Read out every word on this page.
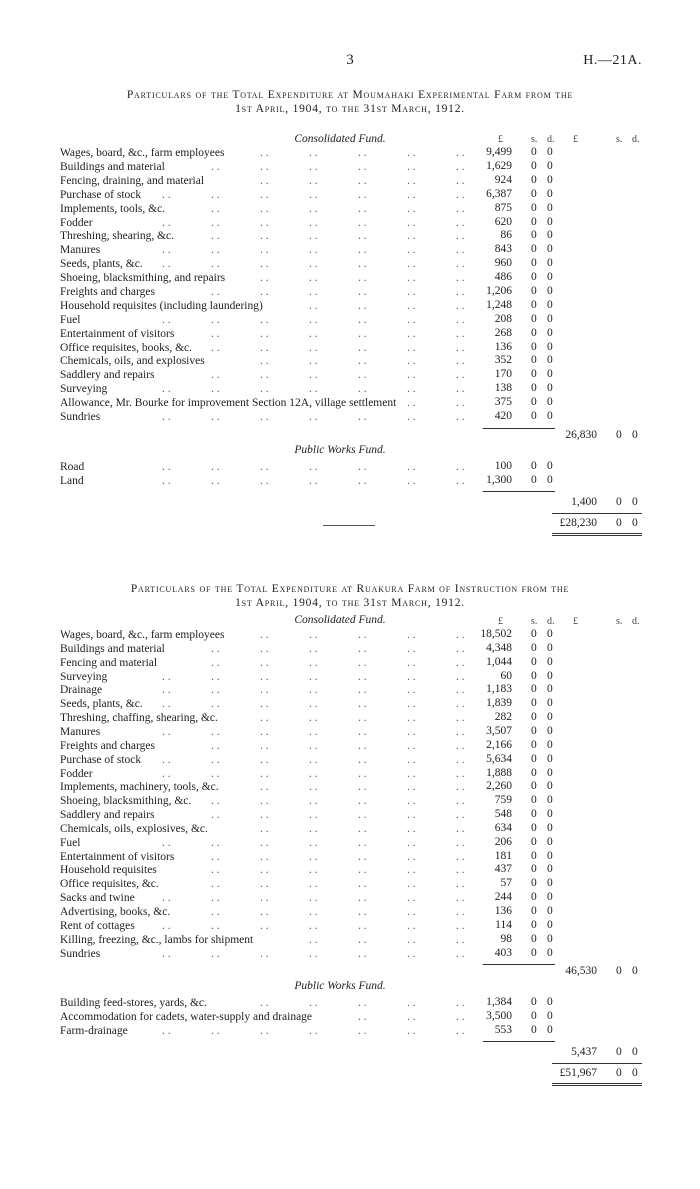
3	H.—21A.
Particulars of the Total Expenditure at Moumahaki Experimental Farm from the
1st April, 1904, to the 31st March, 1912.
Consolidated Fund.	£	s. d. £	s. d.
Wages, board, &c., farm employees	. .	. .	. .	. .	. . 9,499 0 0
Buildings and material	. .	. .	. .	. .	. .	. . 1,629 0 0
Fencing, draining, and material	. .	. .	. .	. .	. .	924 0 0
Purchase of stock . .	. .	. .	. .	. .	. .	. . 6,387 0 0
Implements, tools, &c.	. .	. .	. .	. .	. .	. .	875 0 0
Fodder	. .	. .	. .	. .	. .	. .	. .	620 0 0
Threshing, shearing, &c.	. .	. .	. .	. .	. .	. .	86 0 0
Manures	. .	. .	. .	. .	. .	. .	. .	843 0 0
Seeds, plants, &c. . .	. .	. .	. .	. .	. .	. .	960 0 0
Shoeing, blacksmithing, and repairs	. .	. .	. .	. .	. .	486 0 0
Freights and charges	. .	. .	. .	. .	. .	. . 1,206 0 0
Household requisites (including laundering)	. .	. .	. .	. . 1,248 0 0
Fuel	. .	. .	. .	. .	. .	. .	. .	208 0 0
Entertainment of visitors	. .	. .	. .	. .	. .	. .	268 0 0
Office requisites, books, &c. . .	. .	. .	. .	. .	. .	136 0 0
Chemicals, oils, and explosives	. .	. .	. .	. .	. .	352 0 0
Saddlery and repairs	. .	. .	. .	. .	. .	. .	170 0 0
Surveying	. .	. .	. .	. .	. .	. .	. .	138 0 0
Allowance, Mr. Bourke for improvement Section 12A, village settlement . .	. .	375 0 0
Sundries	. .	. .	. .	. .	. .	. .	. .	420 0 0
26,830 0 0
Public Works Fund.
Road	. .	. .	. .	. .	. .	. .	. .	100 0 0
Land	. .	. .	. .	. .	. .	. .	. . 1,300 0 0
1,400 0 0
£28,230 0 0
Particulars of the Total Expenditure at Ruakura Farm of Instruction from the
1st April, 1904, to the 31st March, 1912.
Consolidated Fund.	£	s. d. £	s. d.
Wages, board, &c., farm employees	. .	. .	. .	. .	. . 18,502 0 0
Buildings and material	. .	. .	. .	. .	. .	. . 4,348 0 0
Fencing and material	. .	. .	. .	. .	. .	. . 1,044 0 0
Surveying	. .	. .	. .	. .	. .	. .	. .	60 0 0
Drainage	. .	. .	. .	. .	. .	. .	. . 1,183 0 0
Seeds, plants, &c. . .	. .	. .	. .	. .	. .	. . 1,839 0 0
Threshing, chaffing, shearing, &c.	. .	. .	. .	. .	. .	282 0 0
Manures	. .	. .	. .	. .	. .	. .	. . 3,507 0 0
Freights and charges	. .	. .	. .	. .	. .	. . 2,166 0 0
Purchase of stock . .	. .	. .	. .	. .	. .	. . 5,634 0 0
Fodder	. .	. .	. .	. .	. .	. .	. . 1,888 0 0
Implements, machinery, tools, &c.	. .	. .	. .	. .	. . 2,260 0 0
Shoeing, blacksmithing, &c. . .	. .	. .	. .	. .	. .	759 0 0
Saddlery and repairs	. .	. .	. .	. .	. .	. .	548 0 0
Chemicals, oils, explosives, &c.	. .	. .	. .	. .	. .	634 0 0
Fuel	. .	. .	. .	. .	. .	. .	. .	206 0 0
Entertainment of visitors	. .	. .	. .	. .	. .	. .	181 0 0
Household requisites	. .	. .	. .	. .	. .	. .	437 0 0
Office requisites, &c.	. .	. .	. .	. .	. .	. .	57 0 0
Sacks and twine . .	. .	. .	. .	. .	. .	. .	244 0 0
Advertising, books, &c.	. .	. .	. .	. .	. .	. .	136 0 0
Rent of cottages . .	. .	. .	. .	. .	. .	. .	114 0 0
Killing, freezing, &c., lambs for shipment	. .	. .	. .	. .	98 0 0
Sundries	. .	. .	. .	. .	. .	. .	. .	403 0 0
46,530 0 0
Public Works Fund.
Building feed-stores, yards, &c.	. .	. .	. .	. .	. . 1,384 0 0
Accommodation for cadets, water-supply and drainage	. .	. .	. . 3,500 0 0
Farm-drainage	. .	. .	. .	. .	. .	. .	. .	553 0 0
5,437 0 0
£51,967 0 0
